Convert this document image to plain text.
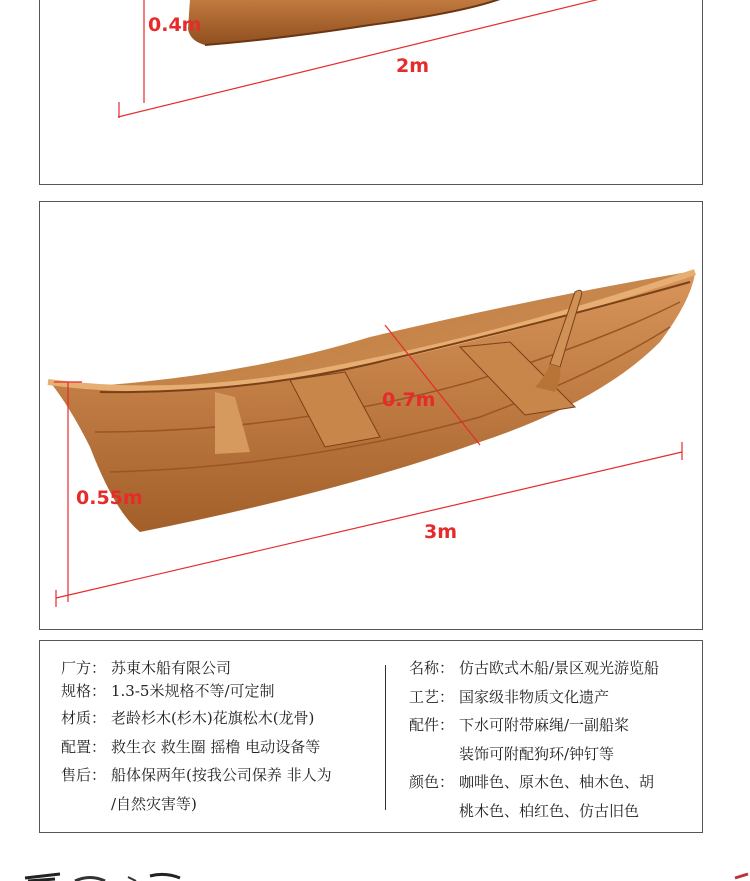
0.4m
2m
0.55m
0.7m
3m
厂方： 苏東木船有限公司
规格： 1.3-5米规格不等/可定制
材质： 老龄杉木(杉木)花旗松木(龙骨)
配置： 救生衣 救生圈 摇橹 电动设备等
售后： 船体保两年(按我公司保养 非人为
/自然灾害等)
名称： 仿古欧式木船/景区观光游览船
工艺： 国家级非物质文化遗产
配件： 下水可附带麻绳/一副船桨
装饰可附配狗环/钟钉等
颜色： 咖啡色、原木色、柚木色、胡
桃木色、柏红色、仿古旧色
